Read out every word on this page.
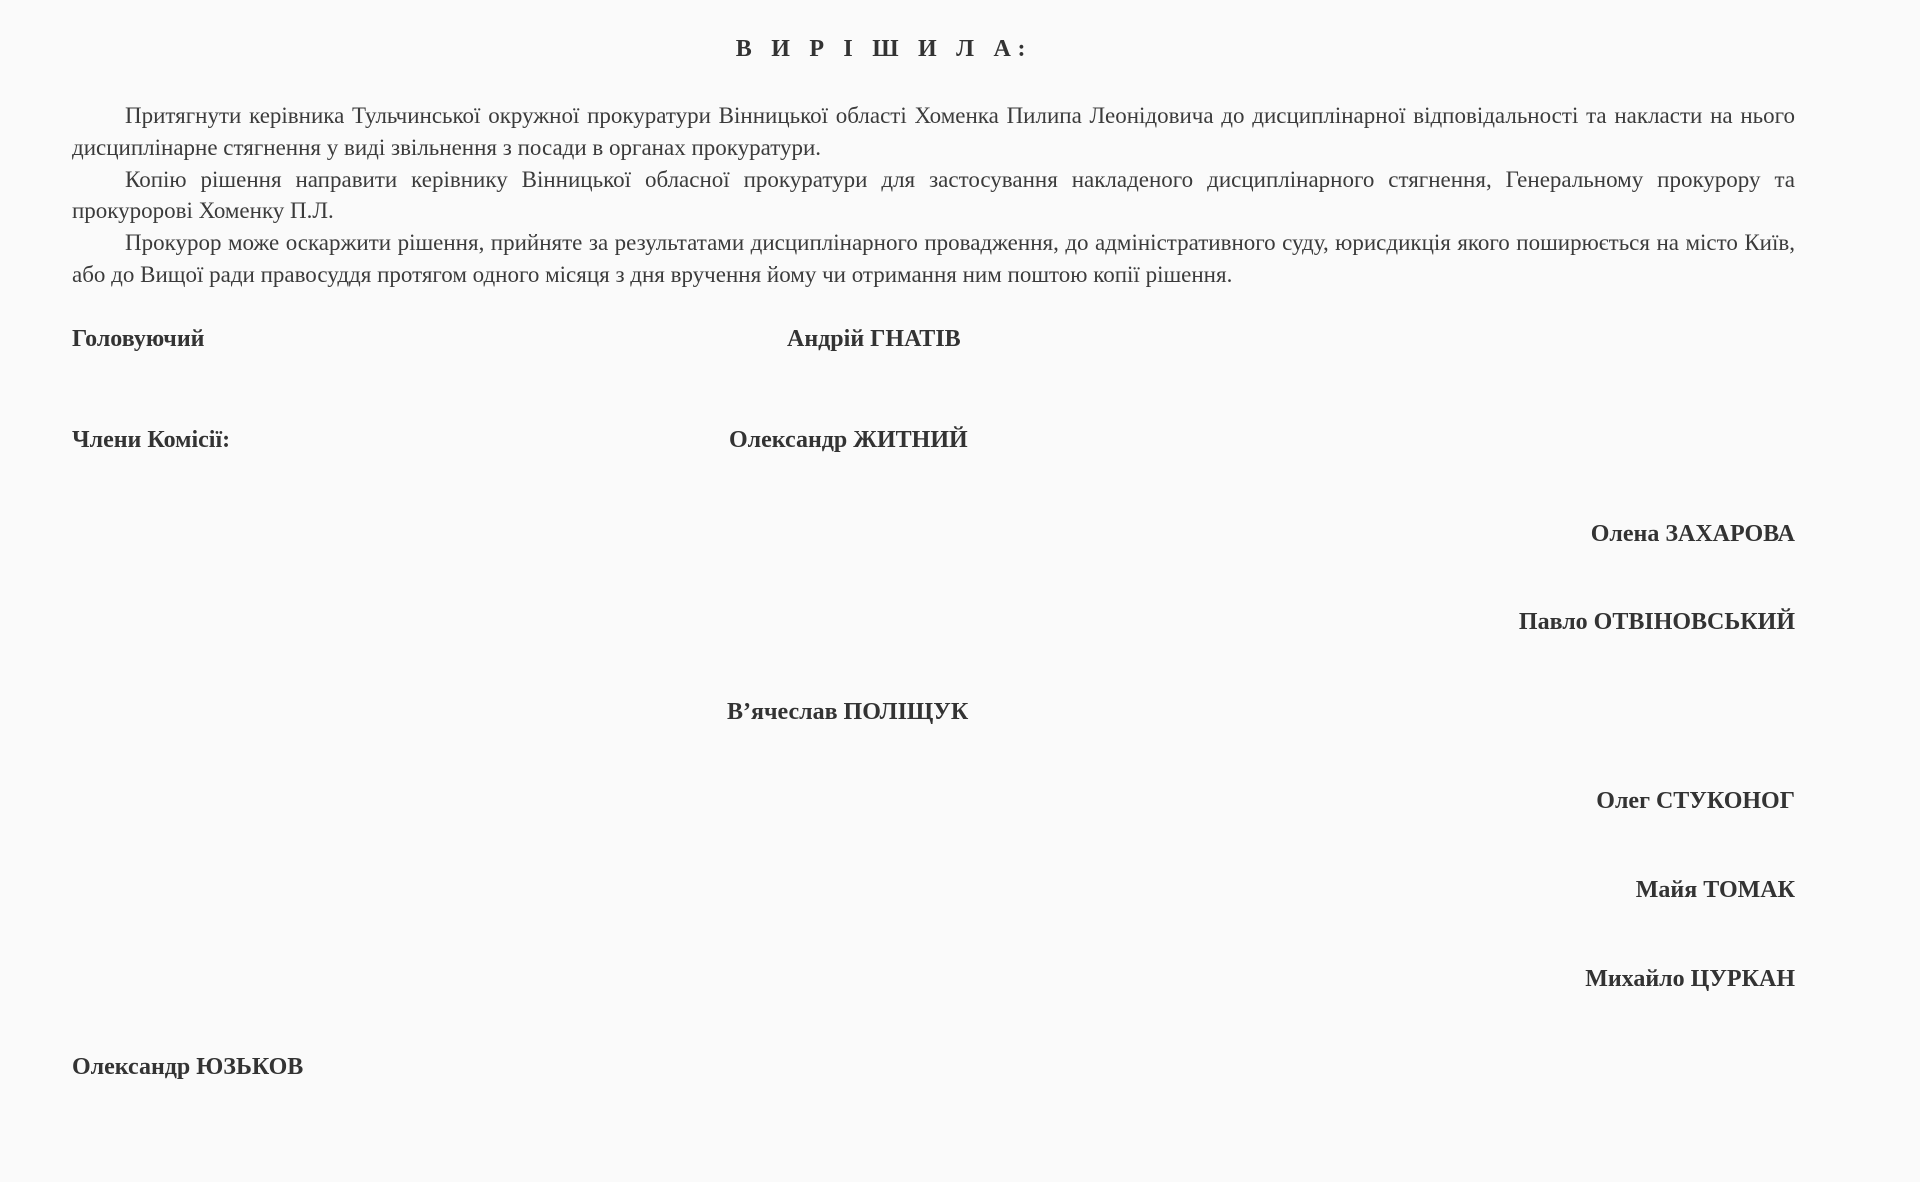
В И Р І Ш И Л А:

Притягнути керівника Тульчинської окружної прокуратури Вінницької області Хоменка Пилипа Леонідовича до дисциплінарної відповідальності та накласти на нього дисциплінарне стягнення у виді звільнення з посади в органах прокуратури.

Копію рішення направити керівнику Вінницької обласної прокуратури для застосування накладеного дисциплінарного стягнення, Генеральному прокурору та прокуророві Хоменку П.Л.

Прокурор може оскаржити рішення, прийняте за результатами дисциплінарного провадження, до адміністративного суду, юрисдикція якого поширюється на місто Київ, або до Вищої ради правосуддя протягом одного місяця з дня вручення йому чи отримання ним поштою копії рішення.

Головуючий	Андрій ГНАТІВ
Члени Комісії:	Олександр ЖИТНИЙ
Олена ЗАХАРОВА
Павло ОТВІНОВСЬКИЙ
В’ячеслав ПОЛІЩУК
Олег СТУКОНОГ
Майя ТОМАК
Михайло ЦУРКАН
Олександр ЮЗЬКОВ
